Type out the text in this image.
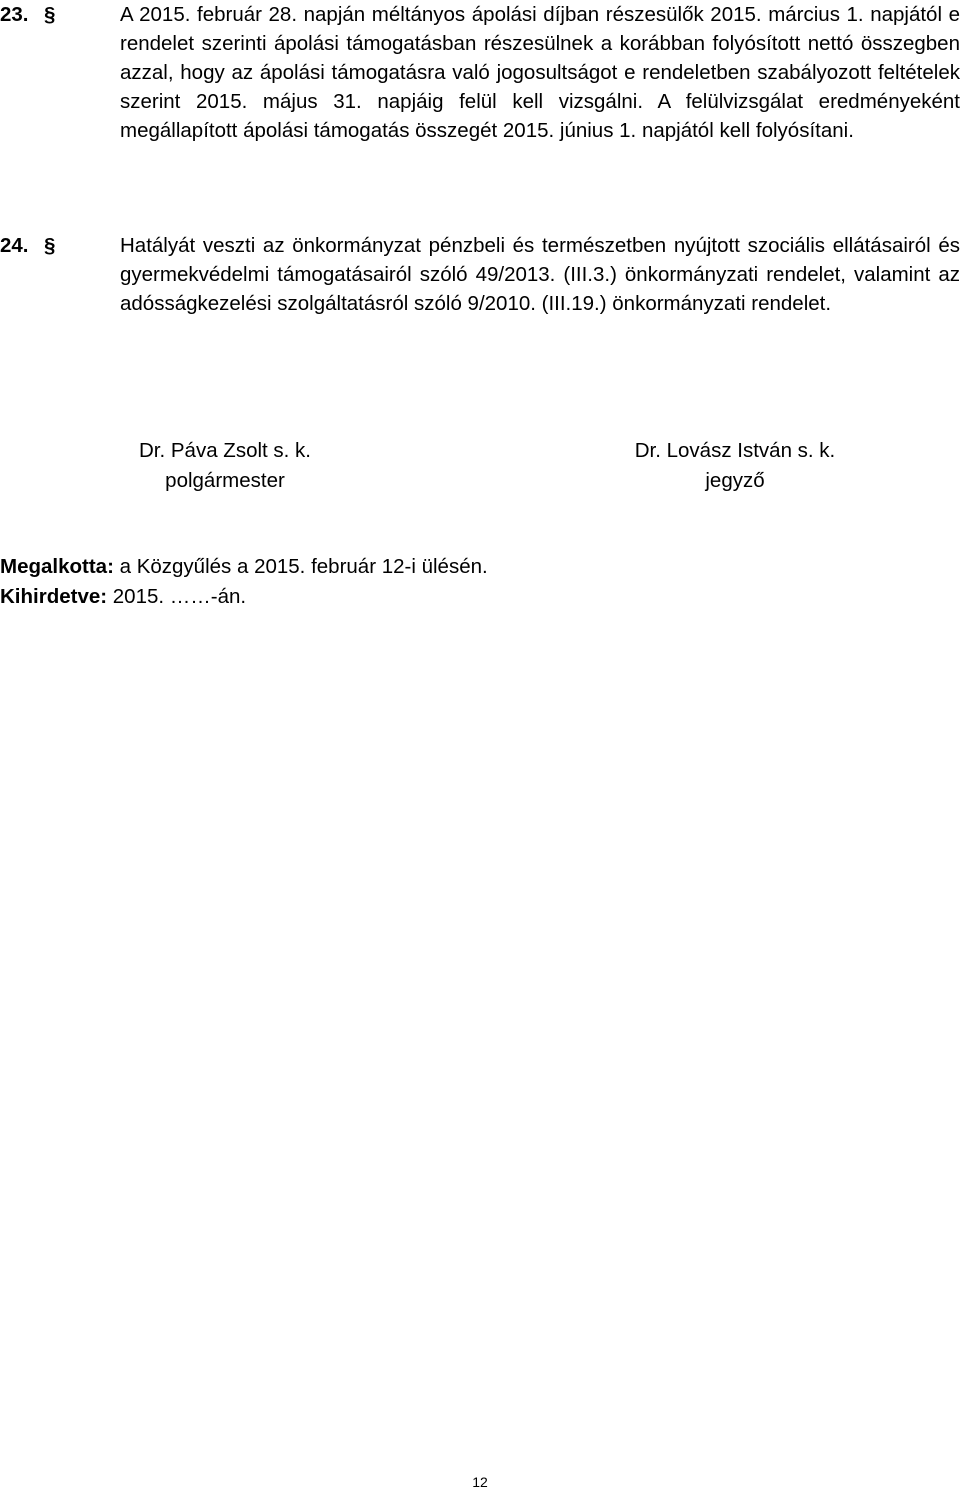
23. §	A 2015. február 28. napján méltányos ápolási díjban részesülők 2015. március 1. napjától e rendelet szerinti ápolási támogatásban részesülnek a korábban folyósított nettó összegben azzal, hogy az ápolási támogatásra való jogosultságot e rendeletben szabályozott feltételek szerint 2015. május 31. napjáig felül kell vizsgálni. A felülvizsgálat eredményeként megállapított ápolási támogatás összegét 2015. június 1. napjától kell folyósítani.
24. §	Hatályát veszti az önkormányzat pénzbeli és természetben nyújtott szociális ellátásairól és gyermekvédelmi támogatásairól szóló 49/2013. (III.3.) önkormányzati rendelet, valamint az adósságkezelési szolgáltatásról szóló 9/2010. (III.19.) önkormányzati rendelet.
Dr. Páva Zsolt s. k.
polgármester
Dr. Lovász István s. k.
jegyző
Megalkotta: a Közgyűlés a 2015. február 12-i ülésén.
Kihirdetve: 2015. ……-án.
12
